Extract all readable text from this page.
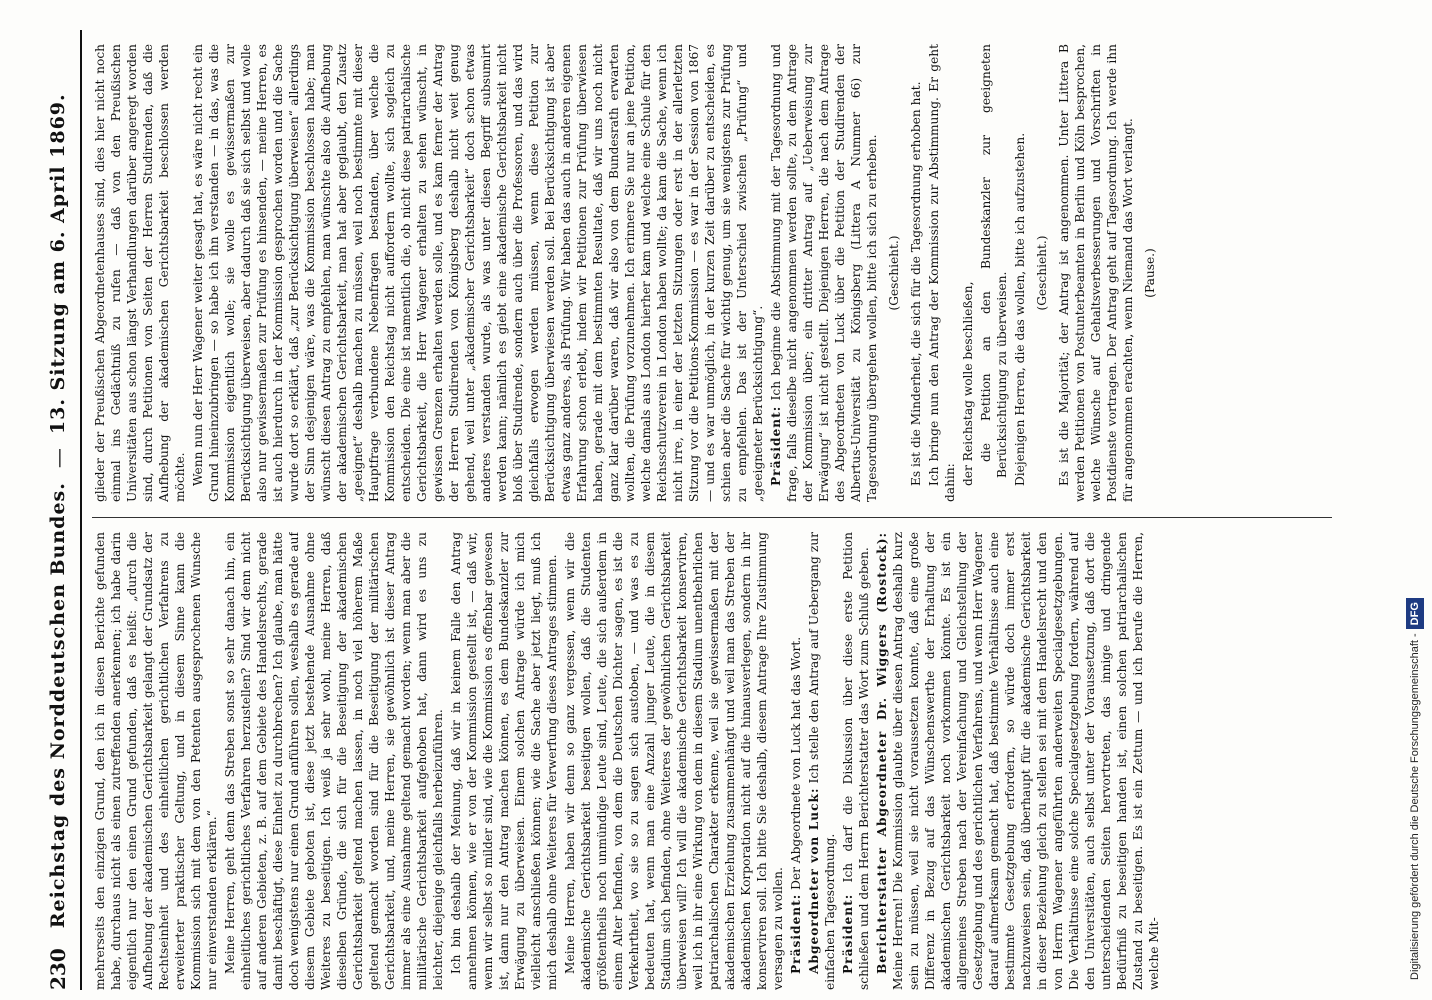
230
Reichstag des Norddeutschen Bundes.
—
13. Sitzung am 6. April 1869.

mehrerseits den einzigen Grund, den ich in diesen Berichte gefunden habe, durchaus nicht als einen zutreffenden anerkennen; ich habe darin eigentlich nur den einen Grund gefunden, daß es heißt: „durch die Aufhebung der akademischen Gerichtsbarkeit gelangt der Grundsatz der Rechtseinheit und des einheitlichen gerichtlichen Verfahrens zu erweiterter praktischer Geltung, und in diesem Sinne kann die Kommission sich mit dem von den Petenten ausgesprochenen Wunsche nur einverstanden erklären.“ Meine Herren, geht denn das Streben sonst so sehr danach hin, ein einheitliches gerichtliches Verfahren herzustellen? Sind wir denn nicht auf anderen Gebieten, z. B. auf dem Gebiete des Handelsrechts, gerade damit beschäftigt, diese Einheit zu durchbrechen? Ich glaube, man hätte doch wenigstens nur einen Grund anführen sollen, weshalb es gerade auf diesem Gebiete geboten ist, diese jetzt bestehende Ausnahme ohne Weiteres zu beseitigen. Ich weiß ja sehr wohl, meine Herren, daß dieselben Gründe, die sich für die Beseitigung der akademischen Gerichtsbarkeit geltend machen lassen, in noch viel höherem Maße geltend gemacht worden sind für die Beseitigung der militärischen Gerichtsbarkeit, und, meine Herren, sie gewöhnlich ist dieser Antrag immer als eine Ausnahme geltend gemacht worden; wenn man aber die militärische Gerichtsbarkeit aufgehoben hat, dann wird es uns zu leichter, diejenige gleichfalls herbeizuführen. Ich bin deshalb der Meinung, daß wir in keinem Falle den Antrag annehmen können, wie er von der Kommission gestellt ist, — daß wir, wenn wir selbst so milder sind, wie die Kommission es offenbar gewesen ist, dann nur den Antrag machen können, es dem Bundeskanzler zur Erwägung zu überweisen. Einem solchen Antrage würde ich mich vielleicht anschließen können; wie die Sache aber jetzt liegt, muß ich mich deshalb ohne Weiteres für Verwerfung dieses Antrages stimmen. Meine Herren, haben wir denn so ganz vergessen, wenn wir die akademische Gerichtsbarkeit beseitigen wollen, daß die Studenten größtentheils noch unmündige Leute sind, Leute, die sich außerdem in einem Alter befinden, von dem die Deutschen Dichter sagen, es ist die Verkehrtheit, wo sie so zu sagen sich austoben, — und was es zu bedeuten hat, wenn man eine Anzahl junger Leute, die in diesem Stadium sich befinden, ohne Weiteres der gewöhnlichen Gerichtsbarkeit überweisen will? Ich will die akademische Gerichtsbarkeit konserviren, weil ich in ihr eine Wirkung von dem in diesem Stadium unentbehrlichen patriarchalischen Charakter erkenne, weil sie gewissermaßen mit der akademischen Erziehung zusammenhängt und weil man das Streben der akademischen Korporation nicht auf die hinausverlegen, sondern in ihr konserviren soll. Ich bitte Sie deshalb, diesem Antrage Ihre Zustimmung versagen zu wollen. Präsident: Der Abgeordnete von Luck hat das Wort. Abgeordneter von Luck: Ich stelle den Antrag auf Uebergang zur einfachen Tagesordnung. Präsident: Ich darf die Diskussion über diese erste Petition schließen und dem Herrn Berichterstatter das Wort zum Schluß geben. Berichterstatter Abgeordneter Dr. Wiggers (Rostock): Meine Herren! Die Kommission glaubte über diesen Antrag deshalb kurz sein zu müssen, weil sie nicht voraussetzen konnte, daß eine große Differenz in Bezug auf das Wünschenswerthe der Erhaltung der akademischen Gerichtsbarkeit noch vorkommen könnte. Es ist ein allgemeines Streben nach der Vereinfachung und Gleichstellung der Gesetzgebung und des gerichtlichen Verfahrens, und wenn Herr Wagener darauf aufmerksam gemacht hat, daß bestimmte Verhältnisse auch eine bestimmte Gesetzgebung erfordern, so würde doch immer erst nachzuweisen sein, daß überhaupt für die akademische Gerichtsbarkeit in dieser Beziehung gleich zu stellen sei mit dem Handelsrecht und den von Herrn Wagener angeführten anderweiten Specialgesetzgebungen. Die Verhältnisse eine solche Specialgesetzgebung fordern, während auf den Universitäten, auch selbst unter der Voraussetzung, daß dort die unterscheidenden Seiten hervortreten, das innige und dringende Bedürfniß zu beseitigen handen ist, einen solchen patriarchalischen Zustand zu beseitigen. Es ist ein Zettum — und ich berufe die Herren, welche Mit-

glieder der Preußischen Abgeordnetenhauses sind, dies hier nicht noch einmal ins Gedächtniß zu rufen — daß von den Preußischen Universitäten aus schon längst Verhandlungen darüber angeregt worden sind, durch Petitionen von Seiten der Herren Studirenden, daß die Aufhebung der akademischen Gerichtsbarkeit beschlossen werden möchte. Wenn nun der Herr Wagener weiter gesagt hat, es wäre nicht recht ein Grund hineinzubringen — so habe ich ihn verstanden — in das, was die Kommission eigentlich wolle; sie wolle es gewissermaßen zur Berücksichtigung überweisen, aber dadurch daß sie sich selbst und wolle also nur gewissermaßen zur Prüfung es hinsenden, — meine Herren, es ist auch hierdurch in der Kommission gesprochen worden und die Sache wurde dort so erklärt, daß „zur Berücksichtigung überweisen“ allerdings der Sinn desjenigen wäre, was die Kommission beschlossen habe; man wünscht diesen Antrag zu empfehlen, man wünschte also die Aufhebung der akademischen Gerichtsbarkeit, man hat aber geglaubt, den Zusatz „geeignet“ deshalb machen zu müssen, weil noch bestimmte mit dieser Hauptfrage verbundene Nebenfragen bestanden, über welche die Kommission den Reichstag nicht auffordern wollte, sich sogleich zu entscheiden. Die eine ist namentlich die, ob nicht diese patriarchalische Gerichtsbarkeit, die Herr Wagener erhalten zu sehen wünscht, in gewissen Grenzen erhalten werden solle, und es kam ferner der Antrag der Herren Studirenden von Königsberg deshalb nicht weit genug gehend, weil unter „akademischer Gerichtsbarkeit“ doch schon etwas anderes verstanden wurde, als was unter diesen Begriff subsumirt werden kann; nämlich es giebt eine akademische Gerichtsbarkeit nicht bloß über Studirende, sondern auch über die Professoren, und das wird gleichfalls erwogen werden müssen, wenn diese Petition zur Berücksichtigung überwiesen werden soll. Bei Berücksichtigung ist aber etwas ganz anderes, als Prüfung. Wir haben das auch in anderen eigenen Erfahrung schon erlebt, indem wir Petitionen zur Prüfung überwiesen haben, gerade mit dem bestimmten Resultate, daß wir uns noch nicht ganz klar darüber waren, daß wir also von dem Bundesrath erwarten wollten, die Prüfung vorzunehmen. Ich erinnere Sie nur an jene Petition, welche damals aus London hierher kam und welche eine Schule für den Reichsschutzverein in London haben wollte; da kam die Sache, wenn ich nicht irre, in einer der letzten Sitzungen oder erst in der allerletzten Sitzung vor die Petitions-Kommission — es war in der Session von 1867 — und es war unmöglich, in der kurzen Zeit darüber zu entscheiden, es schien aber die Sache für wichtig genug, um sie wenigstens zur Prüfung zu empfehlen. Das ist der Unterschied zwischen „Prüfung“ und „geeigneter Berücksichtigung“. Präsident: Ich beginne die Abstimmung mit der Tagesordnung und frage, falls dieselbe nicht angenommen werden sollte, zu dem Antrage der Kommission über; ein dritter Antrag auf „Ueberweisung zur Erwägung“ ist nicht gestellt. Diejenigen Herren, die nach dem Antrage des Abgeordneten von Luck über die Petition der Studirenden der Albertus-Universität zu Königsberg (Littera A Nummer 66) zur Tagesordnung übergehen wollen, bitte ich sich zu erheben. (Geschieht.) Es ist die Minderheit, die sich für die Tagesordnung erhoben hat. Ich bringe nun den Antrag der Kommission zur Abstimmung. Er geht dahin: der Reichstag wolle beschließen, die Petition an den Bundeskanzler zur geeigneten Berücksichtigung zu überweisen. Diejenigen Herren, die das wollen, bitte ich aufzustehen. (Geschieht.) Es ist die Majorität; der Antrag ist angenommen. Unter Littera B werden Petitionen von Postunterbeamten in Berlin und Köln besprochen, welche Wünsche auf Gehaltsverbesserungen und Vorschriften in Postdienste vortragen. Der Antrag geht auf Tagesordnung. Ich werde ihn für angenommen erachten, wenn Niemand das Wort verlangt. (Pause.)

Digitalisierung gefördert durch die Deutsche Forschungsgemeinschaft -DFG
